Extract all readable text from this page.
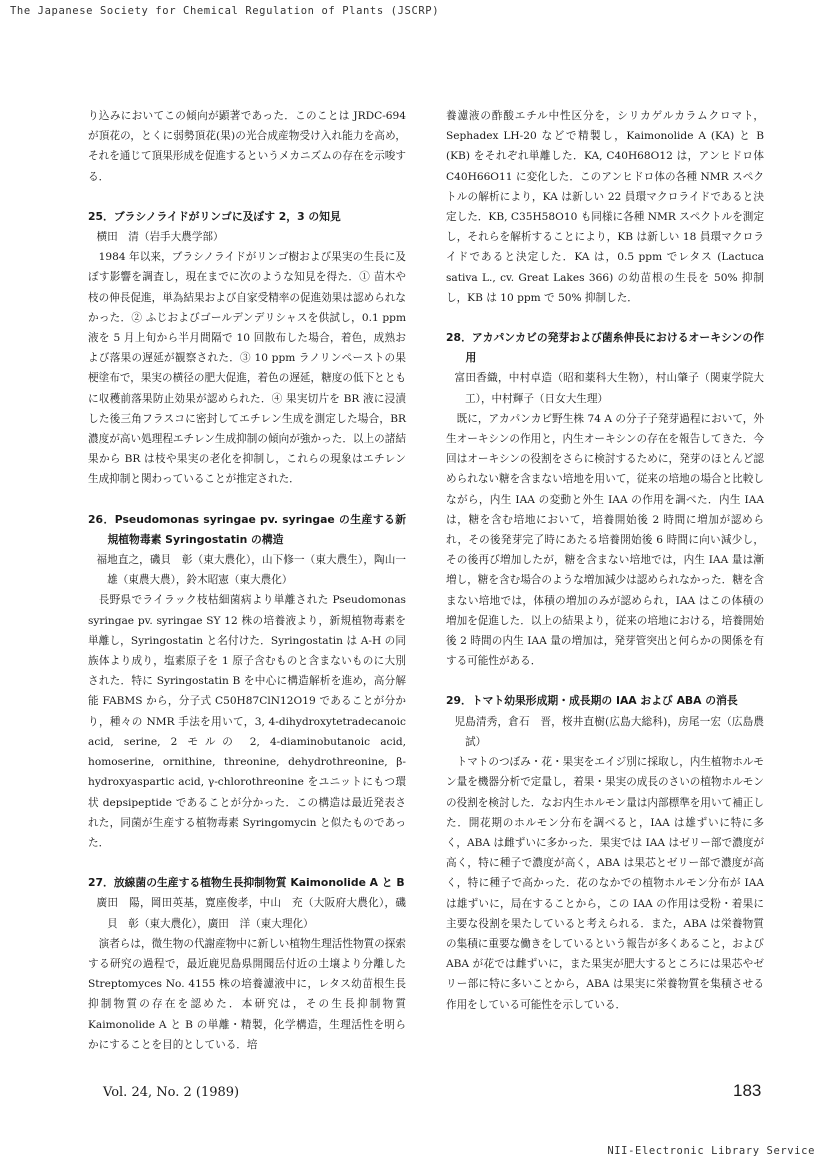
The Japanese Society for Chemical Regulation of Plants (JSCRP)

り込みにおいてこの傾向が顕著であった．このことは JRDC-694 が頂花の，とくに弱勢頂花(果)の光合成産物受け入れ能力を高め，それを通じて頂果形成を促進するというメカニズムの存在を示唆する．

25．ブラシノライドがリンゴに及ぼす 2，3 の知見

横田　清（岩手大農学部）

1984 年以来，ブラシノライドがリンゴ樹および果実の生長に及ぼす影響を調査し，現在までに次のような知見を得た．① 苗木や枝の伸長促進，単為結果および自家受精率の促進効果は認められなかった．② ふじおよびゴールデンデリシャスを供試し，0.1 ppm 液を 5 月上旬から半月間隔で 10 回散布した場合，着色，成熟および落果の遅延が観察された．③ 10 ppm ラノリンペーストの果梗塗布で，果実の横径の肥大促進，着色の遅延，糖度の低下とともに収穫前落果防止効果が認められた．④ 果実切片を BR 液に浸漬した後三角フラスコに密封してエチレン生成を測定した場合，BR 濃度が高い処理程エチレン生成抑制の傾向が強かった．以上の諸結果から BR は枝や果実の老化を抑制し，これらの現象はエチレン生成抑制と関わっていることが推定された．

26．Pseudomonas syringae pv. syringae の生産する新規植物毒素 Syringostatin の構造

福地直之，磯貝　彰（東大農化），山下修一（東大農生），陶山一雄（東農大農），鈴木昭憲（東大農化）

長野県でライラック枝枯細菌病より単離された Pseudomonas syringae pv. syringae SY 12 株の培養液より，新規植物毒素を単離し，Syringostatin と名付けた．Syringostatin は A-H の同族体より成り，塩素原子を 1 原子含むものと含まないものに大別された．特に Syringostatin B を中心に構造解析を進め，高分解能 FABMS から，分子式 C50H87ClN12O19 であることが分かり，種々の NMR 手法を用いて，3, 4-dihydroxytetradecanoic acid, serine, 2 モルの 2, 4-diaminobutanoic acid, homoserine, ornithine, threonine, dehydrothreonine, β-hydroxyaspartic acid, γ-chlorothreonine をユニットにもつ環状 depsipeptide であることが分かった．この構造は最近発表された，同菌が生産する植物毒素 Syringomycin と似たものであった．

27．放線菌の生産する植物生長抑制物質 Kaimonolide A と B

廣田　陽，岡田英基，寛座俊孝，中山　充（大阪府大農化），磯貝　彰（東大農化），廣田　洋（東大理化）

演者らは，微生物の代謝産物中に新しい植物生理活性物質の探索する研究の過程で，最近鹿児島県開聞岳付近の土壌より分離した Streptomyces No. 4155 株の培養濾液中に，レタス幼苗根生長抑制物質の存在を認めた．本研究は，その生長抑制物質 Kaimonolide A と B の単離・精製，化学構造，生理活性を明らかにすることを目的としている．培

養濾液の酢酸エチル中性区分を，シリカゲルカラムクロマト，Sephadex LH-20 などで精製し，Kaimonolide A (KA) と B (KB) をそれぞれ単離した．KA, C40H68O12 は，アンヒドロ体 C40H66O11 に変化した．このアンヒドロ体の各種 NMR スペクトルの解析により，KA は新しい 22 員環マクロライドであると決定した．KB, C35H58O10 も同様に各種 NMR スペクトルを測定し，それらを解析することにより，KB は新しい 18 員環マクロライドであると決定した．KA は，0.5 ppm でレタス (Lactuca sativa L., cv. Great Lakes 366) の幼苗根の生長を 50% 抑制し，KB は 10 ppm で 50% 抑制した．

28．アカパンカビの発芽および菌糸伸長におけるオーキシンの作用

富田香織，中村卓造（昭和薬科大生物），村山肇子（関東学院大工），中村輝子（日女大生理）

既に，アカパンカビ野生株 74 A の分子子発芽過程において，外生オーキシンの作用と，内生オーキシンの存在を報告してきた．今回はオーキシンの役割をさらに検討するために，発芽のほとんど認められない糖を含まない培地を用いて，従来の培地の場合と比較しながら，内生 IAA の変動と外生 IAA の作用を調べた．内生 IAA は，糖を含む培地において，培養開始後 2 時間に増加が認められ，その後発芽完了時にあたる培養開始後 6 時間に向い減少し，その後再び増加したが，糖を含まない培地では，内生 IAA 量は漸増し，糖を含む場合のような増加減少は認められなかった．糖を含まない培地では，体積の増加のみが認められ，IAA はこの体積の増加を促進した．以上の結果より，従来の培地における，培養開始後 2 時間の内生 IAA 量の増加は，発芽管突出と何らかの関係を有する可能性がある．

29．トマト幼果形成期・成長期の IAA および ABA の消長

児島清秀，倉石　晋，桜井直樹(広島大総科)，房尾一宏（広島農試）

トマトのつぼみ・花・果実をエイジ別に採取し，内生植物ホルモン量を機器分析で定量し，着果・果実の成長のさいの植物ホルモンの役割を検討した．なお内生ホルモン量は内部標準を用いて補正した．開花期のホルモン分布を調べると，IAA は雄ずいに特に多く，ABA は雌ずいに多かった．果実では IAA はゼリー部で濃度が高く，特に種子で濃度が高く，ABA は果芯とゼリー部で濃度が高く，特に種子で高かった．花のなかでの植物ホルモン分布が IAA は雄ずいに，局在することから，この IAA の作用は受粉・着果に主要な役割を果たしていると考えられる．また，ABA は栄養物質の集積に重要な働きをしているという報告が多くあること，および ABA が花では雌ずいに，また果実が肥大するところには果芯やゼリー部に特に多いことから，ABA は果実に栄養物質を集積させる作用をしている可能性を示している．

Vol. 24, No. 2 (1989)	183
NII-Electronic Library Service
